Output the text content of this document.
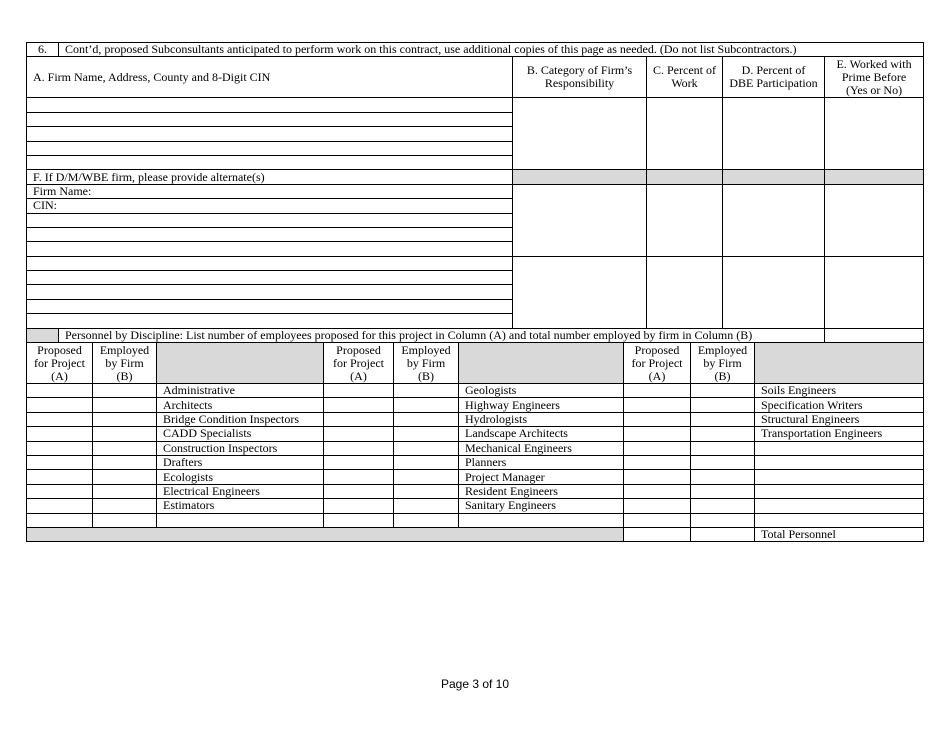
6.	Cont’d, proposed Subconsultants anticipated to perform work on this contract, use additional copies of this page as needed. (Do not list Subcontractors.)				
A. Firm Name, Address, County and 8-Digit CIN		B. Category of Firm’s Responsibility	C. Percent of Work	D. Percent of DBE Participation	E. Worked with Prime Before (Yes or No)

F. If D/M/WBE firm, please provide alternate(s)					
Firm Name:					
CIN:					

	Personnel by Discipline: List number of employees proposed for this project in Column (A) and total number employed by firm in Column (B)				
Proposed for Project (A)	Employed by Firm (B)		Proposed for Project (A)	Employed by Firm (B)		Proposed for Project (A)	Employed by Firm (B)	
		Administrative			Geologists			Soils Engineers
		Architects			Highway Engineers			Specification Writers
		Bridge Condition Inspectors			Hydrologists			Structural Engineers
		CADD Specialists			Landscape Architects			Transportation Engineers
		Construction Inspectors			Mechanical Engineers			
		Drafters			Planners			
		Ecologists			Project Manager			
		Electrical Engineers			Resident Engineers			
		Estimators			Sanitary Engineers			

								Total Personnel
Page 3 of 10
